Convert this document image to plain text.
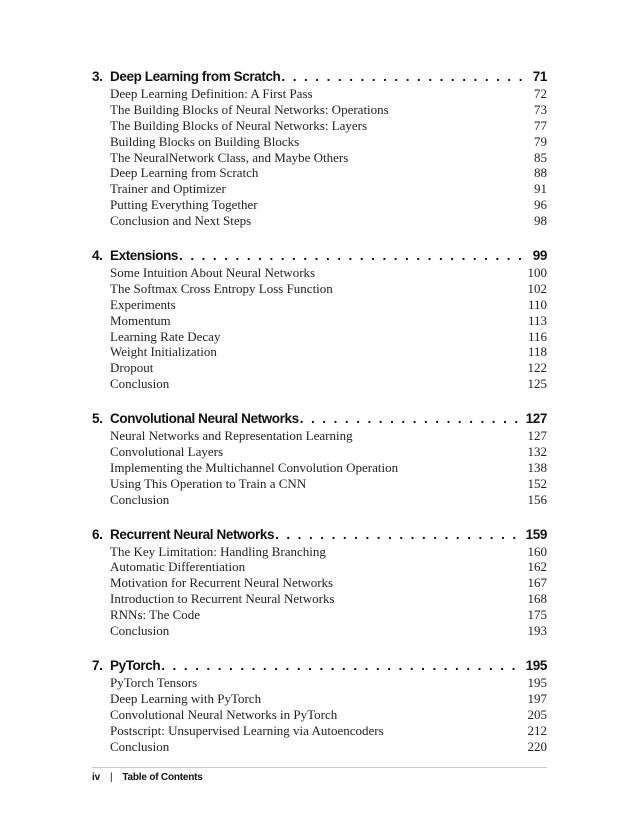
3. Deep Learning from Scratch . . .	71
Deep Learning Definition: A First Pass	72
The Building Blocks of Neural Networks: Operations	73
The Building Blocks of Neural Networks: Layers	77
Building Blocks on Building Blocks	79
The NeuralNetwork Class, and Maybe Others	85
Deep Learning from Scratch	88
Trainer and Optimizer	91
Putting Everything Together	96
Conclusion and Next Steps	98
4. Extensions . . .	99
Some Intuition About Neural Networks	100
The Softmax Cross Entropy Loss Function	102
Experiments	110
Momentum	113
Learning Rate Decay	116
Weight Initialization	118
Dropout	122
Conclusion	125
5. Convolutional Neural Networks . . .	127
Neural Networks and Representation Learning	127
Convolutional Layers	132
Implementing the Multichannel Convolution Operation	138
Using This Operation to Train a CNN	152
Conclusion	156
6. Recurrent Neural Networks . . .	159
The Key Limitation: Handling Branching	160
Automatic Differentiation	162
Motivation for Recurrent Neural Networks	167
Introduction to Recurrent Neural Networks	168
RNNs: The Code	175
Conclusion	193
7. PyTorch . . .	195
PyTorch Tensors	195
Deep Learning with PyTorch	197
Convolutional Neural Networks in PyTorch	205
Postscript: Unsupervised Learning via Autoencoders	212
Conclusion	220
iv | Table of Contents
